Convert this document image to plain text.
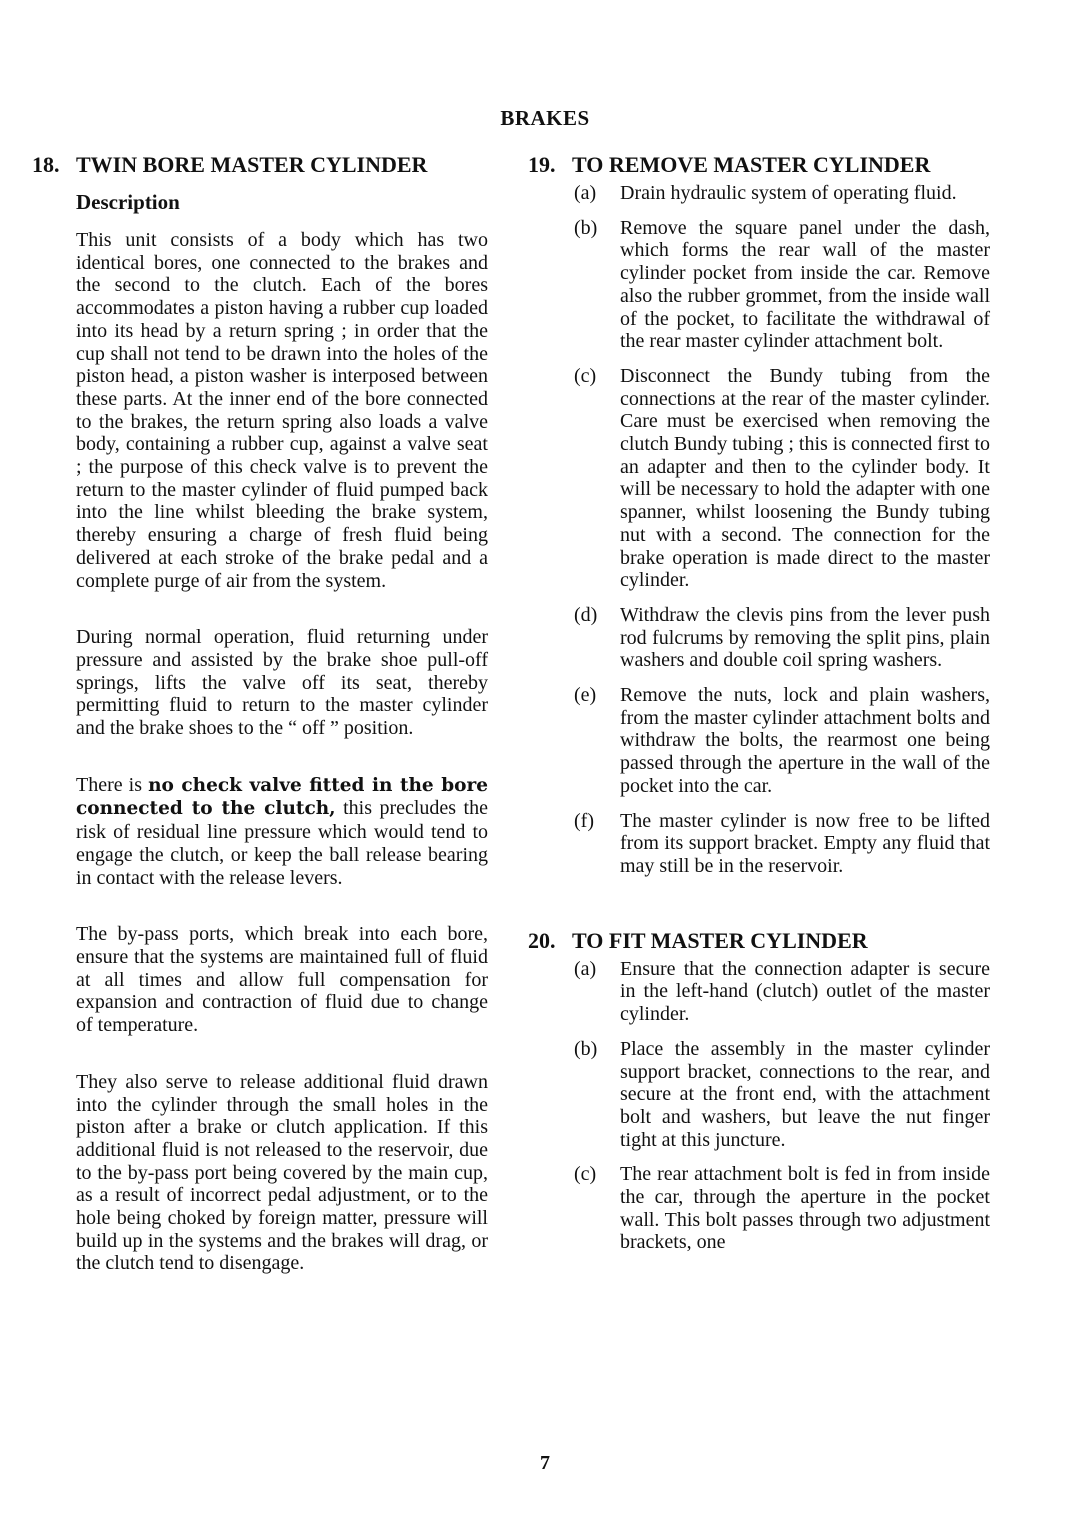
BRAKES
18. TWIN BORE MASTER CYLINDER
Description

This unit consists of a body which has two identical bores, one connected to the brakes and the second to the clutch. Each of the bores accommodates a piston having a rubber cup loaded into its head by a return spring ; in order that the cup shall not tend to be drawn into the holes of the piston head, a piston washer is interposed between these parts. At the inner end of the bore connected to the brakes, the return spring also loads a valve body, containing a rubber cup, against a valve seat ; the purpose of this check valve is to prevent the return to the master cylinder of fluid pumped back into the line whilst bleeding the brake system, thereby ensuring a charge of fresh fluid being delivered at each stroke of the brake pedal and a complete purge of air from the system.

During normal operation, fluid returning under pressure and assisted by the brake shoe pull-off springs, lifts the valve off its seat, thereby permitting fluid to return to the master cylinder and the brake shoes to the “ off ” position.

There is no check valve fitted in the bore connected to the clutch, this precludes the risk of residual line pressure which would tend to engage the clutch, or keep the ball release bearing in contact with the release levers.

The by-pass ports, which break into each bore, ensure that the systems are maintained full of fluid at all times and allow full compensation for expansion and contraction of fluid due to change of temperature.

They also serve to release additional fluid drawn into the cylinder through the small holes in the piston after a brake or clutch application. If this additional fluid is not released to the reservoir, due to the by-pass port being covered by the main cup, as a result of incorrect pedal adjustment, or to the hole being choked by foreign matter, pressure will build up in the systems and the brakes will drag, or the clutch tend to disengage.

19. TO REMOVE MASTER CYLINDER
(a)	Drain hydraulic system of operating fluid.
(b)	Remove the square panel under the dash, which forms the rear wall of the master cylinder pocket from inside the car. Remove also the rubber grommet, from the inside wall of the pocket, to facilitate the withdrawal of the rear master cylinder attachment bolt.
(c)	Disconnect the Bundy tubing from the connections at the rear of the master cylinder. Care must be exercised when removing the clutch Bundy tubing ; this is connected first to an adapter and then to the cylinder body. It will be necessary to hold the adapter with one spanner, whilst loosening the Bundy tubing nut with a second. The connection for the brake operation is made direct to the master cylinder.
(d)	Withdraw the clevis pins from the lever push rod fulcrums by removing the split pins, plain washers and double coil spring washers.
(e)	Remove the nuts, lock and plain washers, from the master cylinder attachment bolts and withdraw the bolts, the rearmost one being passed through the aperture in the wall of the pocket into the car.
(f)	The master cylinder is now free to be lifted from its support bracket. Empty any fluid that may still be in the reservoir.
20. TO FIT MASTER CYLINDER
(a)	Ensure that the connection adapter is secure in the left-hand (clutch) outlet of the master cylinder.
(b)	Place the assembly in the master cylinder support bracket, connections to the rear, and secure at the front end, with the attachment bolt and washers, but leave the nut finger tight at this juncture.
(c)	The rear attachment bolt is fed in from inside the car, through the aperture in the pocket wall. This bolt passes through two adjustment brackets, one
7
